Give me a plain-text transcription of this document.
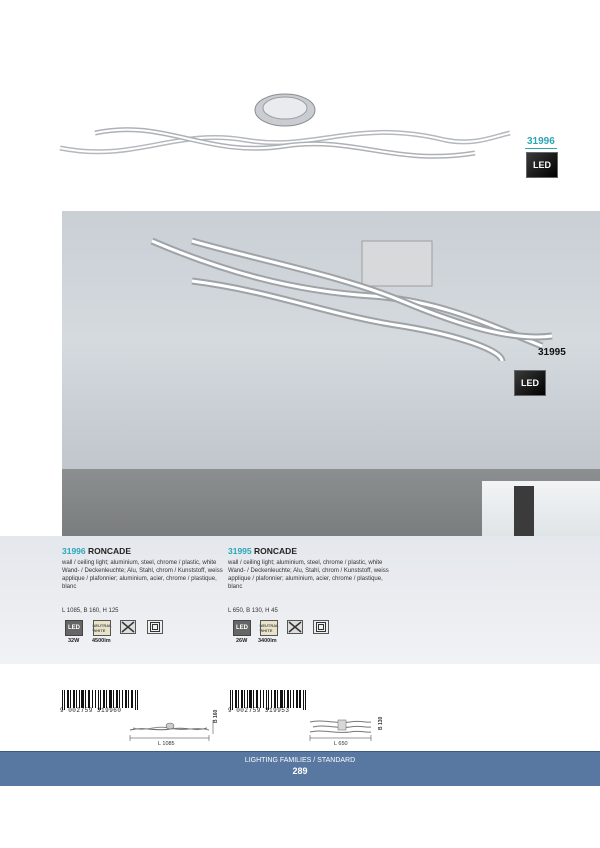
31996
LED
31995
LED
31996 RONCADE
wall / ceiling light; aluminium, steel, chrome / plastic, white
Wand- / Deckenleuchte; Alu, Stahl, chrom / Kunststoff, weiss
applique / plafonnier; aluminium, acier, chrome / plastique, blanc
L 1085, B 160, H 125
LED	NEUTRAL WHITE
32W 4500lm
31995 RONCADE
wall / ceiling light; aluminium, steel, chrome / plastic, white
Wand- / Deckenleuchte; Alu, Stahl, chrom / Kunststoff, weiss
applique / plafonnier; aluminium, acier, chrome / plastique, blanc
L 650, B 130, H 45
LED	NEUTRAL WHITE
26W 3400lm
9 002759 319960	9 002759 319953
L 1085
B 160
L 650
B 130
LIGHTING FAMILIES / STANDARD
289
